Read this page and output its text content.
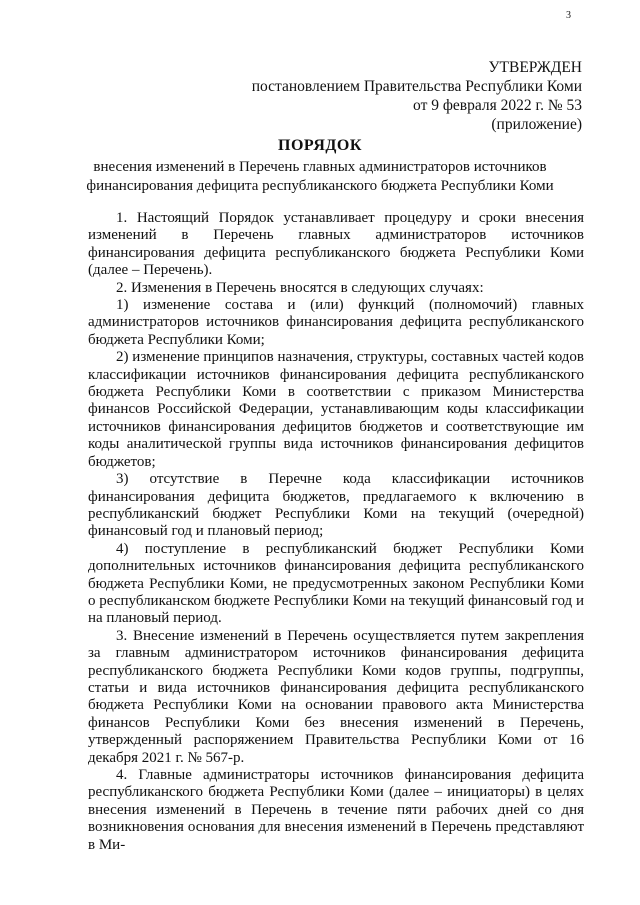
3
УТВЕРЖДЕН
постановлением Правительства Республики Коми
от 9 февраля 2022 г. № 53
(приложение)
ПОРЯДОК
внесения изменений в Перечень главных администраторов источников
финансирования дефицита республиканского бюджета Республики Коми

1. Настоящий Порядок устанавливает процедуру и сроки внесения изменений в Перечень главных администраторов источников финансирования дефицита республиканского бюджета Республики Коми (далее – Перечень).

2. Изменения в Перечень вносятся в следующих случаях:

1) изменение состава и (или) функций (полномочий) главных администраторов источников финансирования дефицита республиканского бюджета Республики Коми;

2) изменение принципов назначения, структуры, составных частей кодов классификации источников финансирования дефицита республиканского бюджета Республики Коми в соответствии с приказом Министерства финансов Российской Федерации, устанавливающим коды классификации источников финансирования дефицитов бюджетов и соответствующие им коды аналитической группы вида источников финансирования дефицитов бюджетов;

3) отсутствие в Перечне кода классификации источников финансирования дефицита бюджетов, предлагаемого к включению в республиканский бюджет Республики Коми на текущий (очередной) финансовый год и плановый период;

4) поступление в республиканский бюджет Республики Коми дополнительных источников финансирования дефицита республиканского бюджета Республики Коми, не предусмотренных законом Республики Коми о республиканском бюджете Республики Коми на текущий финансовый год и на плановый период.

3. Внесение изменений в Перечень осуществляется путем закрепления за главным администратором источников финансирования дефицита республиканского бюджета Республики Коми кодов группы, подгруппы, статьи и вида источников финансирования дефицита республиканского бюджета Республики Коми на основании правового акта Министерства финансов Республики Коми без внесения изменений в Перечень, утвержденный распоряжением Правительства Республики Коми от 16 декабря 2021 г. № 567-р.

4. Главные администраторы источников финансирования дефицита республиканского бюджета Республики Коми (далее – инициаторы) в целях внесения изменений в Перечень в течение пяти рабочих дней со дня возникновения основания для внесения изменений в Перечень представляют в Ми-
